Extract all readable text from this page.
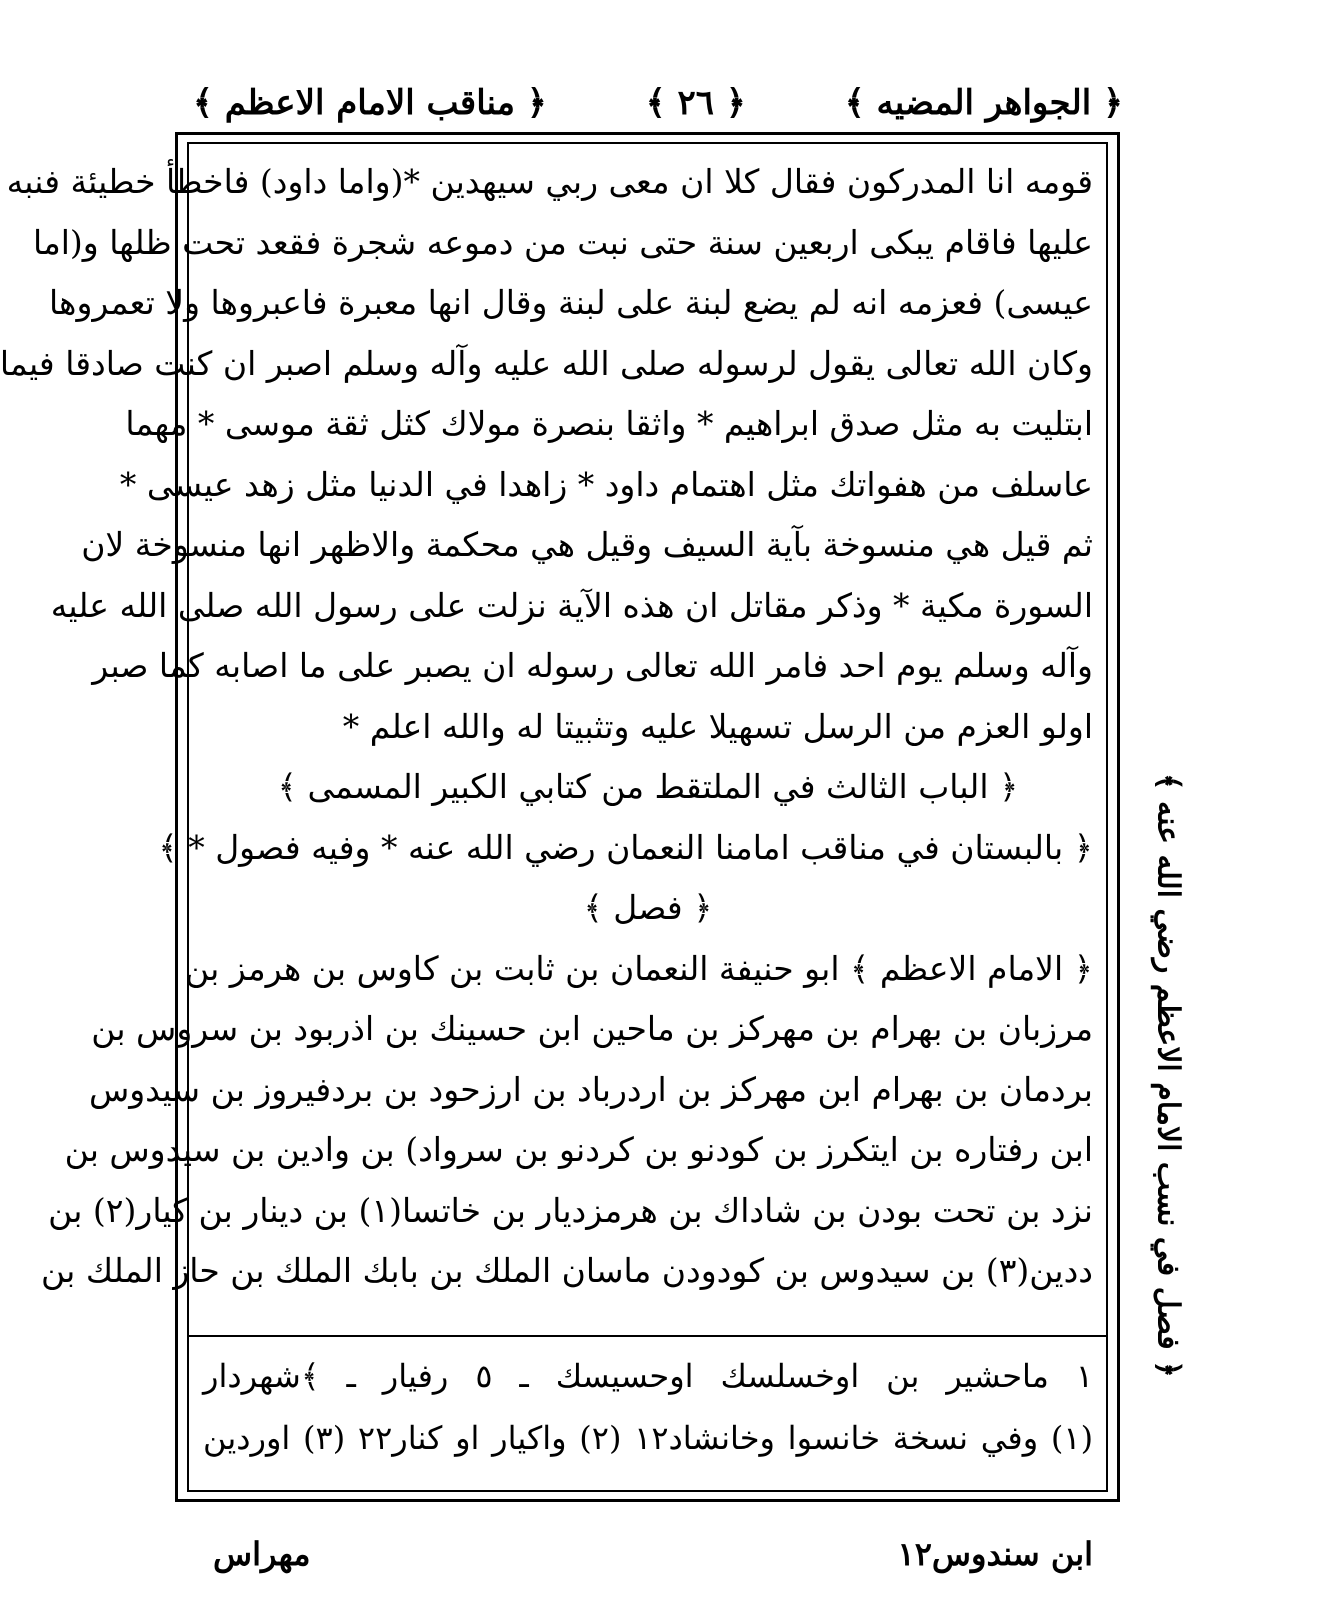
﴿ الجواهر المضيه ﴾
﴿ ٢٦ ﴾
﴿ مناقب الامام الاعظم ﴾
قومه انا المدركون فقال كلا ان معى ربي سيهدين *(واما داود) فاخطأ خطيئة فنبه
عليها فاقام يبكى اربعين سنة حتى نبت من دموعه شجرة فقعد تحت ظلها و(اما
عيسى) فعزمه انه لم يضع لبنة على لبنة وقال انها معبرة فاعبروها ولا تعمروها
وكان الله تعالى يقول لرسوله صلى الله عليه وآله وسلم اصبر ان كنت صادقا فيما
ابتليت به مثل صدق ابراهيم * واثقا بنصرة مولاك كثل ثقة موسى * مهما
عاسلف من هفواتك مثل اهتمام داود * زاهدا في الدنيا مثل زهد عيسى *
ثم قيل هي منسوخة بآية السيف وقيل هي محكمة والاظهر انها منسوخة لان
السورة مكية * وذكر مقاتل ان هذه الآية نزلت على رسول الله صلى الله عليه
وآله وسلم يوم احد فامر الله تعالى رسوله ان يصبر على ما اصابه كما صبر
اولو العزم من الرسل تسهيلا عليه وتثبيتا له والله اعلم *
﴿ الباب الثالث في الملتقط من كتابي الكبير المسمى ﴾
﴿ بالبستان في مناقب امامنا النعمان رضي الله عنه * وفيه فصول * ﴾
﴿ فصل ﴾
﴿ الامام الاعظم ﴾ ابو حنيفة النعمان بن ثابت بن كاوس بن هرمز بن
مرزبان بن بهرام بن مهركز بن ماحين ابن حسينك بن اذربود بن سروس بن
بردمان بن بهرام ابن مهركز بن اردرباد بن ارزحود بن بردفيروز بن سيدوس
ابن رفتاره بن ايتكرز بن كودنو بن كردنو بن سرواد) بن وادين بن سيدوس بن
نزد بن تحت بودن بن شاداك بن هرمزديار بن خاتسا(١) بن دينار بن كيار(٢) بن
ددين(٣) بن سيدوس بن كودودن ماسان الملك بن بابك الملك بن حاز الملك بن
١ ماحشير بن اوخسلسك اوحسيسك ـ ٥ رفيار ـ ﴾شهردار
(١) وفي نسخة خانسوا وخانشاد١٢ (٢) واكيار او كنار٢٢ (٣) اوردين
﴿ فصل في نسب الامام الاعظم رضي الله عنه ﴾
ابن سندوس١٢
مهراس
